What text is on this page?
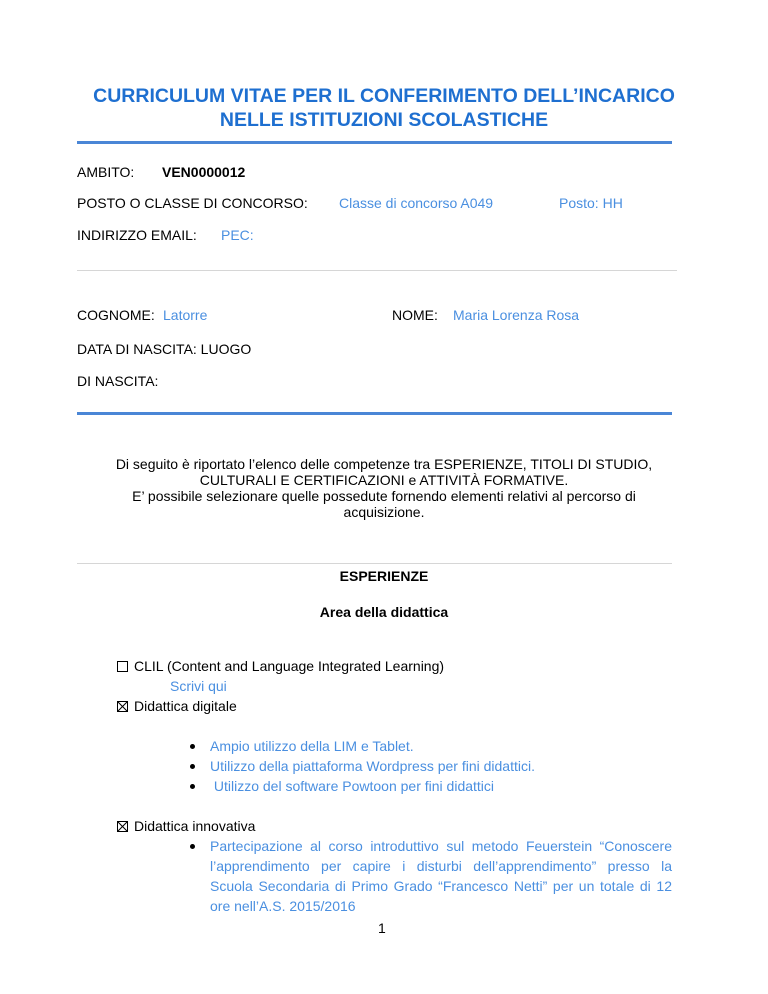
CURRICULUM VITAE PER IL CONFERIMENTO DELL’INCARICO
NELLE ISTITUZIONI SCOLASTICHE
AMBITO: VEN0000012
POSTO O CLASSE DI CONCORSO: Classe di concorso A049	Posto: HH
INDIRIZZO EMAIL: PEC:
COGNOME: Latorre	NOME: Maria Lorenza Rosa
DATA DI NASCITA: LUOGO
DI NASCITA:
Di seguito è riportato l’elenco delle competenze tra ESPERIENZE, TITOLI DI STUDIO,
CULTURALI E CERTIFICAZIONI e ATTIVITÀ FORMATIVE.
E’ possibile selezionare quelle possedute fornendo elementi relativi al percorso di
acquisizione.
ESPERIENZE
Area della didattica
CLIL (Content and Language Integrated Learning)
Scrivi qui
Didattica digitale
Ampio utilizzo della LIM e Tablet.
Utilizzo della piattaforma Wordpress per fini didattici.
Utilizzo del software Powtoon per fini didattici
Didattica innovativa
Partecipazione al corso introduttivo sul metodo Feuerstein “Conoscere
l’apprendimento per capire i disturbi dell’apprendimento” presso la
Scuola Secondaria di Primo Grado “Francesco Netti” per un totale di 12
ore nell’A.S. 2015/2016
1
